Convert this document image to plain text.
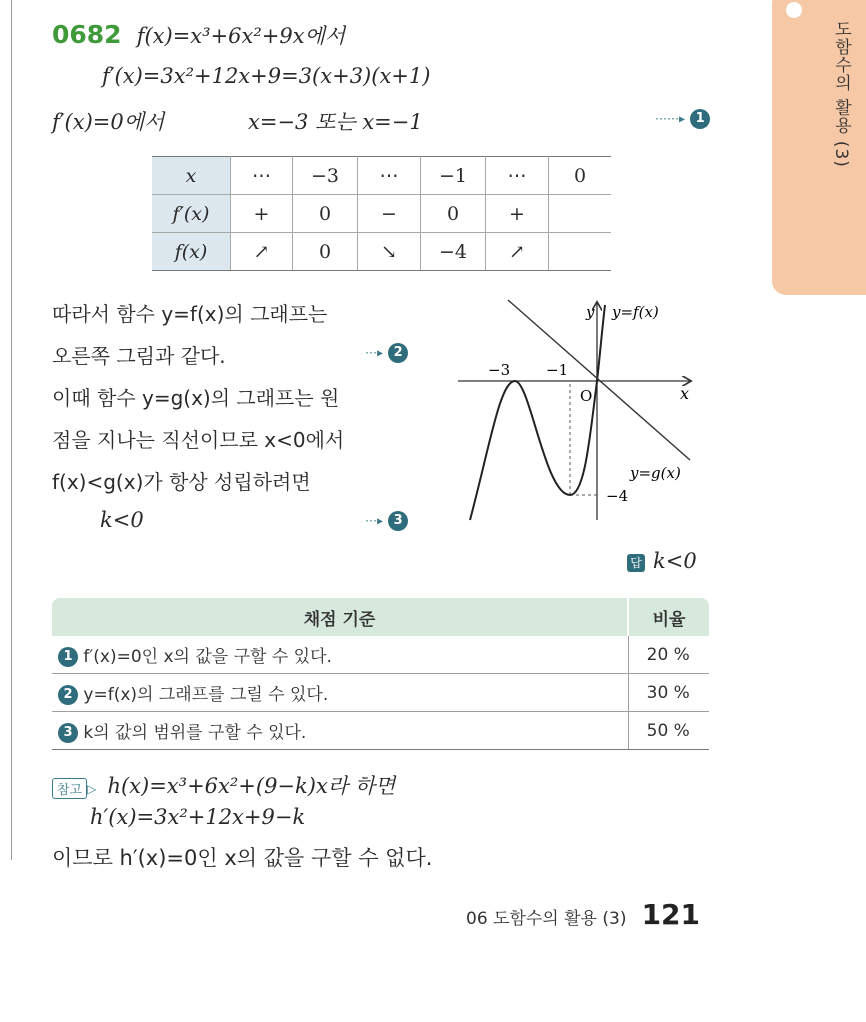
도함수의 활용 (3)
0682 f(x)=x³+6x²+9x에서
f′(x)=3x²+12x+9=3(x+3)(x+1)
f′(x)=0에서	x=−3 또는 x=−1	⋯⋯▸ 1
x	⋯	−3	⋯	−1	⋯	0
f′(x)	+	0	−	0	+	
f(x)	↗	0	↘	−4	↗	
따라서 함수 y=f(x)의 그래프는
오른쪽 그림과 같다.	⋯▸ 2
이때 함수 y=g(x)의 그래프는 원
점을 지나는 직선이므로 x<0에서
f(x)<g(x)가 항상 성립하려면
k<0	⋯▸ 3
y y=f(x)
x
O
−3 −1
−4
y=g(x)
답 k<0
채점 기준	비율
1 f′(x)=0인 x의 값을 구할 수 있다.	20 %
2 y=f(x)의 그래프를 그릴 수 있다.	30 %
3 k의 값의 범위를 구할 수 있다.	50 %
참고 ▷ h(x)=x³+6x²+(9−k)x라 하면
h′(x)=3x²+12x+9−k
이므로 h′(x)=0인 x의 값을 구할 수 없다.
06 도함수의 활용 (3) 121
